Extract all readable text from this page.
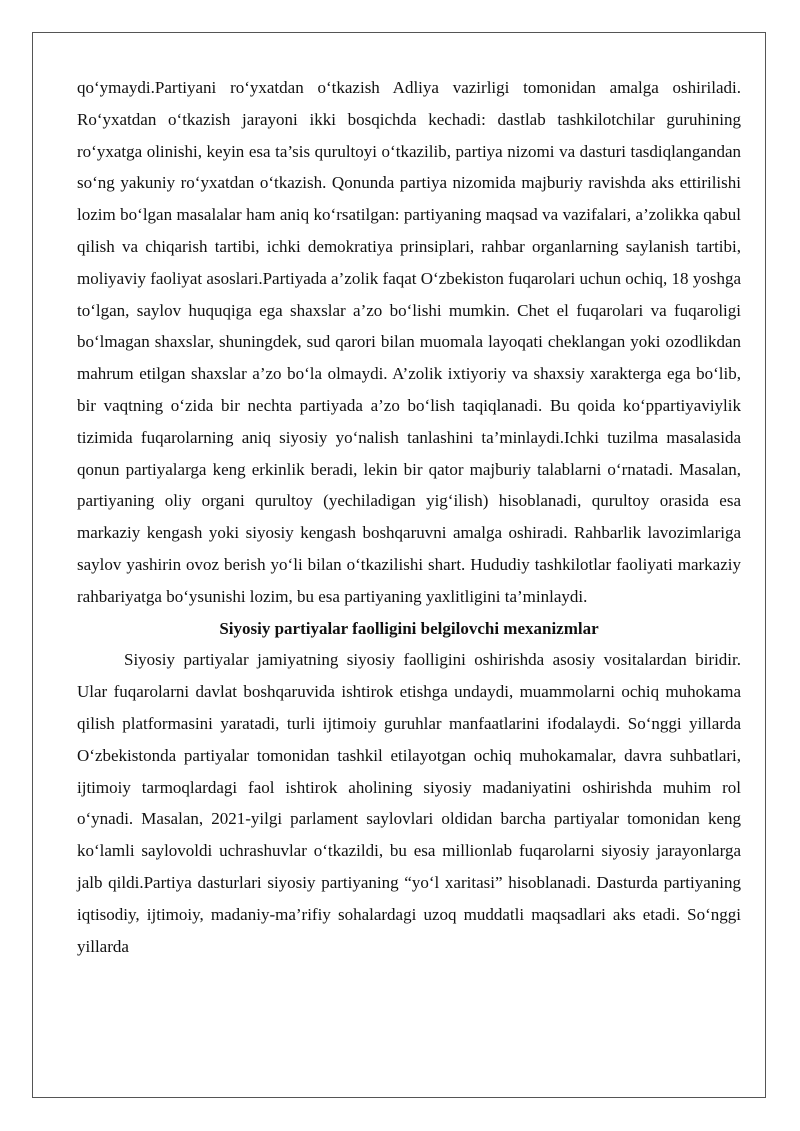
qo‘ymaydi.Partiyani ro‘yxatdan o‘tkazish Adliya vazirligi tomonidan amalga oshiriladi. Ro‘yxatdan o‘tkazish jarayoni ikki bosqichda kechadi: dastlab tashkilotchilar guruhining ro‘yxatga olinishi, keyin esa ta’sis qurultoyi o‘tkazilib, partiya nizomi va dasturi tasdiqlangandan so‘ng yakuniy ro‘yxatdan o‘tkazish. Qonunda partiya nizomida majburiy ravishda aks ettirilishi lozim bo‘lgan masalalar ham aniq ko‘rsatilgan: partiyaning maqsad va vazifalari, a’zolikka qabul qilish va chiqarish tartibi, ichki demokratiya prinsiplari, rahbar organlarning saylanish tartibi, moliyaviy faoliyat asoslari.Partiyada a’zolik faqat O‘zbekiston fuqarolari uchun ochiq, 18 yoshga to‘lgan, saylov huquqiga ega shaxslar a’zo bo‘lishi mumkin. Chet el fuqarolari va fuqaroligi bo‘lmagan shaxslar, shuningdek, sud qarori bilan muomala layoqati cheklangan yoki ozodlikdan mahrum etilgan shaxslar a’zo bo‘la olmaydi. A’zolik ixtiyoriy va shaxsiy xarakterga ega bo‘lib, bir vaqtning o‘zida bir nechta partiyada a’zo bo‘lish taqiqlanadi. Bu qoida ko‘ppartiyaviylik tizimida fuqarolarning aniq siyosiy yo‘nalish tanlashini ta’minlaydi.Ichki tuzilma masalasida qonun partiyalarga keng erkinlik beradi, lekin bir qator majburiy talablarni o‘rnatadi. Masalan, partiyaning oliy organi qurultoy (yechiladigan yig‘ilish) hisoblanadi, qurultoy orasida esa markaziy kengash yoki siyosiy kengash boshqaruvni amalga oshiradi. Rahbarlik lavozimlariga saylov yashirin ovoz berish yo‘li bilan o‘tkazilishi shart. Hududiy tashkilotlar faoliyati markaziy rahbariyatga bo‘ysunishi lozim, bu esa partiyaning yaxlitligini ta’minlaydi.

Siyosiy partiyalar faolligini belgilovchi mexanizmlar

Siyosiy partiyalar jamiyatning siyosiy faolligini oshirishda asosiy vositalardan biridir. Ular fuqarolarni davlat boshqaruvida ishtirok etishga undaydi, muammolarni ochiq muhokama qilish platformasini yaratadi, turli ijtimoiy guruhlar manfaatlarini ifodalaydi. So‘nggi yillarda O‘zbekistonda partiyalar tomonidan tashkil etilayotgan ochiq muhokamalar, davra suhbatlari, ijtimoiy tarmoqlardagi faol ishtirok aholining siyosiy madaniyatini oshirishda muhim rol o‘ynadi. Masalan, 2021-yilgi parlament saylovlari oldidan barcha partiyalar tomonidan keng ko‘lamli saylovoldi uchrashuvlar o‘tkazildi, bu esa millionlab fuqarolarni siyosiy jarayonlarga jalb qildi.Partiya dasturlari siyosiy partiyaning “yo‘l xaritasi” hisoblanadi. Dasturda partiyaning iqtisodiy, ijtimoiy, madaniy-ma’rifiy sohalardagi uzoq muddatli maqsadlari aks etadi. So‘nggi yillarda
